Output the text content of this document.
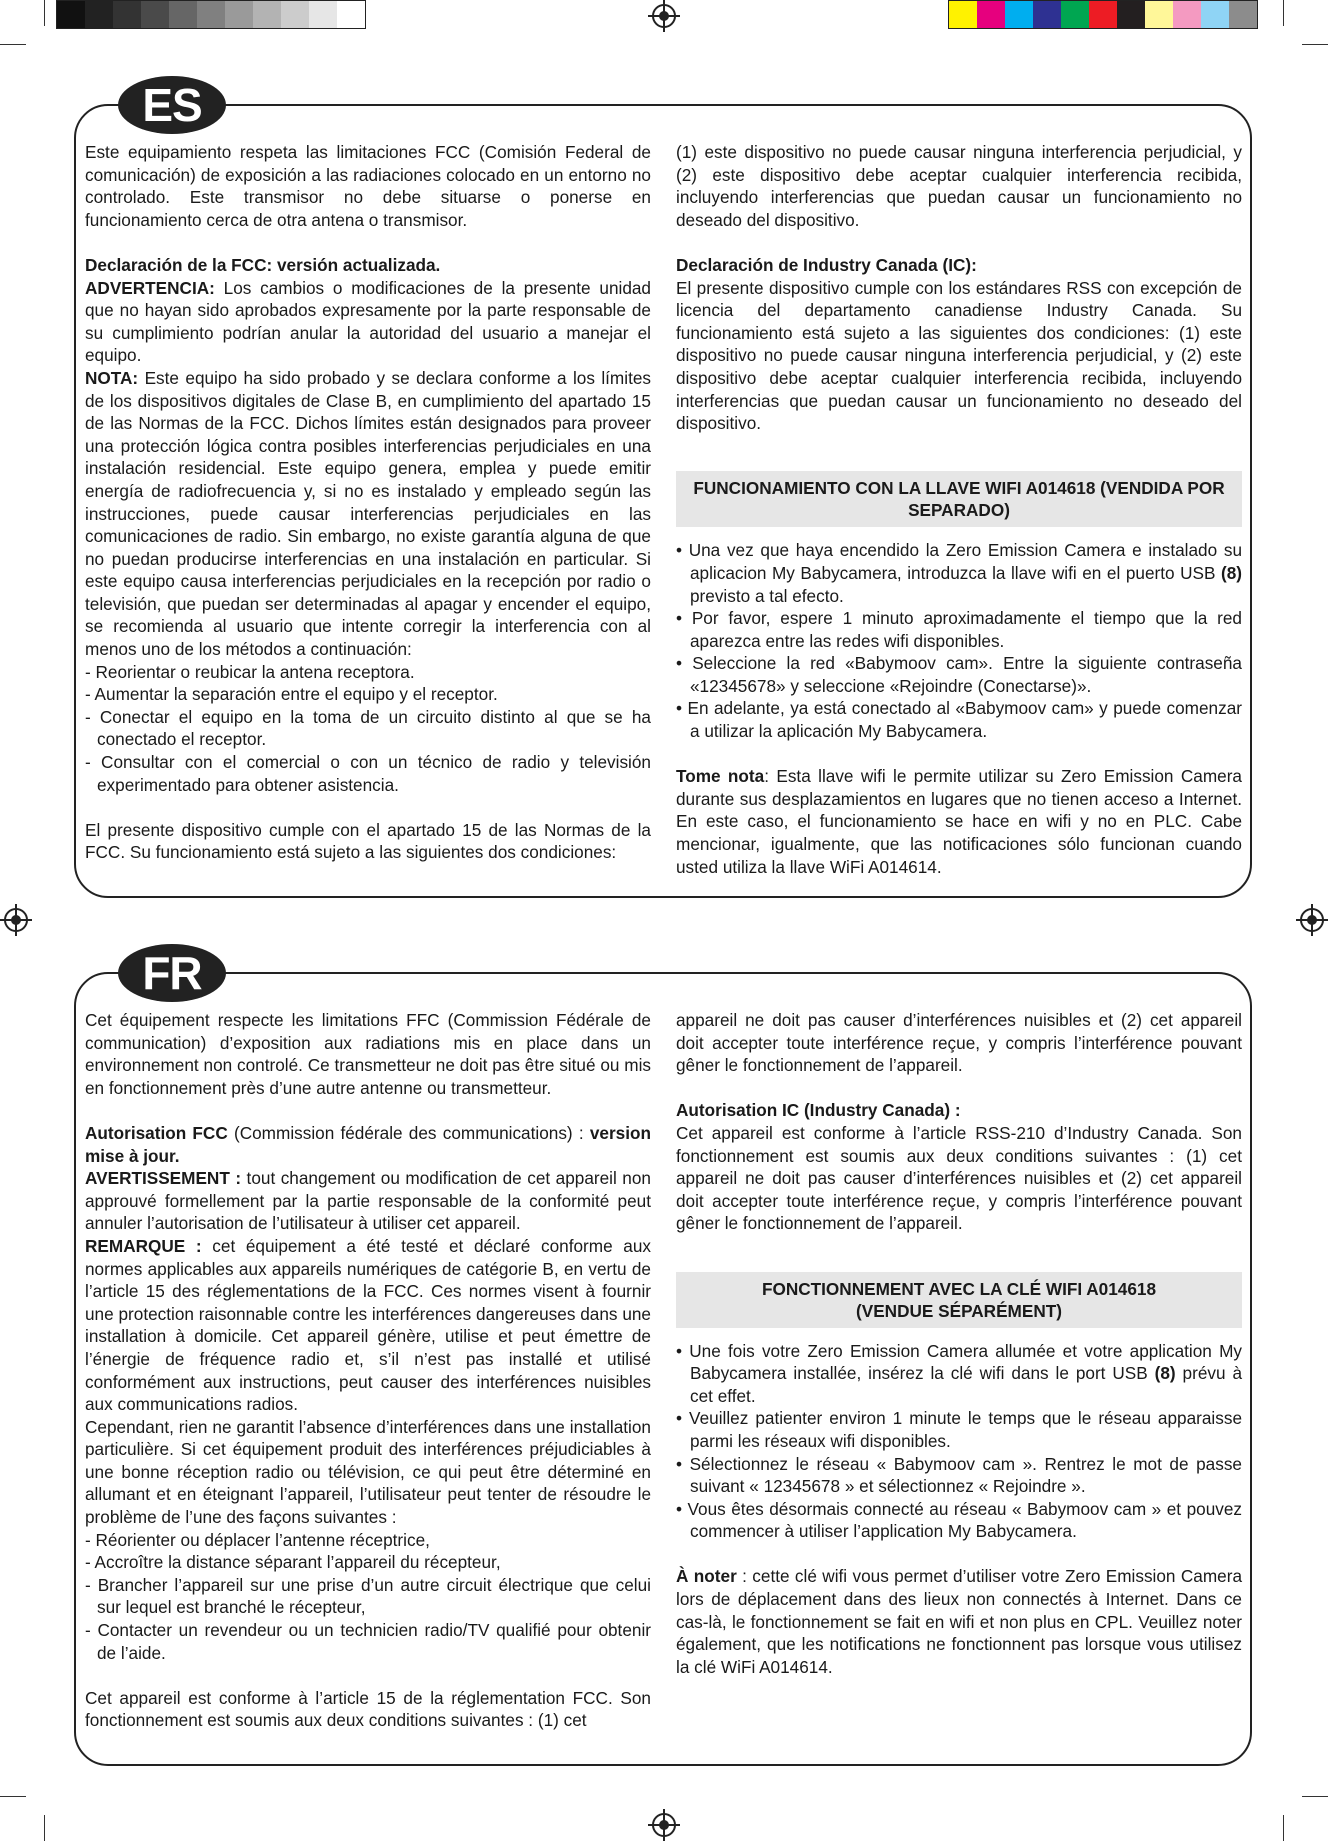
ES

Este equipamiento respeta las limitaciones FCC (Comisión Federal de comunicación) de exposición a las radiaciones colocado en un entorno no controlado. Este transmisor no debe situarse o ponerse en funcionamiento cerca de otra antena o transmisor.

Declaración de la FCC: versión actualizada.

ADVERTENCIA: Los cambios o modificaciones de la presente unidad que no hayan sido aprobados expresamente por la parte responsable de su cumplimiento podrían anular la autoridad del usuario a manejar el equipo.

NOTA: Este equipo ha sido probado y se declara conforme a los límites de los dispositivos digitales de Clase B, en cumplimiento del apartado 15 de las Normas de la FCC. Dichos límites están designados para proveer una protección lógica contra posibles interferencias perjudiciales en una instalación residencial. Este equipo genera, emplea y puede emitir energía de radiofrecuencia y, si no es instalado y empleado según las instrucciones, puede causar interferencias perjudiciales en las comunicaciones de radio. Sin embargo, no existe garantía alguna de que no puedan producirse interferencias en una instalación en particular. Si este equipo causa interferencias perjudiciales en la recepción por radio o televisión, que puedan ser determinadas al apagar y encender el equipo, se recomienda al usuario que intente corregir la interferencia con al menos uno de los métodos a continuación:

- Reorientar o reubicar la antena receptora.

- Aumentar la separación entre el equipo y el receptor.

- Conectar el equipo en la toma de un circuito distinto al que se ha conectado el receptor.

- Consultar con el comercial o con un técnico de radio y televisión experimentado para obtener asistencia.

El presente dispositivo cumple con el apartado 15 de las Normas de la FCC. Su funcionamiento está sujeto a las siguientes dos condiciones:

(1) este dispositivo no puede causar ninguna interferencia perjudicial, y (2) este dispositivo debe aceptar cualquier interferencia recibida, incluyendo interferencias que puedan causar un funcionamiento no deseado del dispositivo.

Declaración de Industry Canada (IC):

El presente dispositivo cumple con los estándares RSS con excepción de licencia del departamento canadiense Industry Canada. Su funcionamiento está sujeto a las siguientes dos condiciones: (1) este dispositivo no puede causar ninguna interferencia perjudicial, y (2) este dispositivo debe aceptar cualquier interferencia recibida, incluyendo interferencias que puedan causar un funcionamiento no deseado del dispositivo.

FUNCIONAMIENTO CON LA LLAVE WIFI A014618 (VENDIDA POR SEPARADO)

• Una vez que haya encendido la Zero Emission Camera e instalado su aplicacion My Babycamera, introduzca la llave wifi en el puerto USB (8) previsto a tal efecto.

• Por favor, espere 1 minuto aproximadamente el tiempo que la red aparezca entre las redes wifi disponibles.

• Seleccione la red «Babymoov cam». Entre la siguiente contraseña «12345678» y seleccione «Rejoindre (Conectarse)».

• En adelante, ya está conectado al «Babymoov cam» y puede comenzar a utilizar la aplicación My Babycamera.

Tome nota: Esta llave wifi le permite utilizar su Zero Emission Camera durante sus desplazamientos en lugares que no tienen acceso a Internet. En este caso, el funcionamiento se hace en wifi y no en PLC. Cabe mencionar, igualmente, que las notificaciones sólo funcionan cuando usted utiliza la llave WiFi A014614.

FR

Cet équipement respecte les limitations FFC (Commission Fédérale de communication) d’exposition aux radiations mis en place dans un environnement non controlé. Ce transmetteur ne doit pas être situé ou mis en fonctionnement près d’une autre antenne ou transmetteur.

Autorisation FCC (Commission fédérale des communications) : version mise à jour.

AVERTISSEMENT : tout changement ou modification de cet appareil non approuvé formellement par la partie responsable de la conformité peut annuler l’autorisation de l’utilisateur à utiliser cet appareil.

REMARQUE : cet équipement a été testé et déclaré conforme aux normes applicables aux appareils numériques de catégorie B, en vertu de l’article 15 des réglementations de la FCC. Ces normes visent à fournir une protection raisonnable contre les interférences dangereuses dans une installation à domicile. Cet appareil génère, utilise et peut émettre de l’énergie de fréquence radio et, s’il n’est pas installé et utilisé conformément aux instructions, peut causer des interférences nuisibles aux communications radios.

Cependant, rien ne garantit l’absence d’interférences dans une installation particulière. Si cet équipement produit des interférences préjudiciables à une bonne réception radio ou télévision, ce qui peut être déterminé en allumant et en éteignant l’appareil, l’utilisateur peut tenter de résoudre le problème de l’une des façons suivantes :

- Réorienter ou déplacer l’antenne réceptrice,

- Accroître la distance séparant l’appareil du récepteur,

- Brancher l’appareil sur une prise d’un autre circuit électrique que celui sur lequel est branché le récepteur,

- Contacter un revendeur ou un technicien radio/TV qualifié pour obtenir de l’aide.

Cet appareil est conforme à l’article 15 de la réglementation FCC. Son fonctionnement est soumis aux deux conditions suivantes : (1) cet

appareil ne doit pas causer d’interférences nuisibles et (2) cet appareil doit accepter toute interférence reçue, y compris l’interférence pouvant gêner le fonctionnement de l’appareil.

Autorisation IC (Industry Canada) :

Cet appareil est conforme à l’article RSS-210 d’Industry Canada. Son fonctionnement est soumis aux deux conditions suivantes : (1) cet appareil ne doit pas causer d’interférences nuisibles et (2) cet appareil doit accepter toute interférence reçue, y compris l’interférence pouvant gêner le fonctionnement de l’appareil.

FONCTIONNEMENT AVEC LA CLÉ WIFI A014618
(VENDUE SÉPARÉMENT)

• Une fois votre Zero Emission Camera allumée et votre application My Babycamera installée, insérez la clé wifi dans le port USB (8) prévu à cet effet.

• Veuillez patienter environ 1 minute le temps que le réseau apparaisse parmi les réseaux wifi disponibles.

• Sélectionnez le réseau « Babymoov cam ». Rentrez le mot de passe suivant « 12345678 » et sélectionnez « Rejoindre ».

• Vous êtes désormais connecté au réseau « Babymoov cam » et pouvez commencer à utiliser l’application My Babycamera.

À noter : cette clé wifi vous permet d’utiliser votre Zero Emission Camera lors de déplacement dans des lieux non connectés à Internet. Dans ce cas-là, le fonctionnement se fait en wifi et non plus en CPL. Veuillez noter également, que les notifications ne fonctionnent pas lorsque vous utilisez la clé WiFi A014614.
